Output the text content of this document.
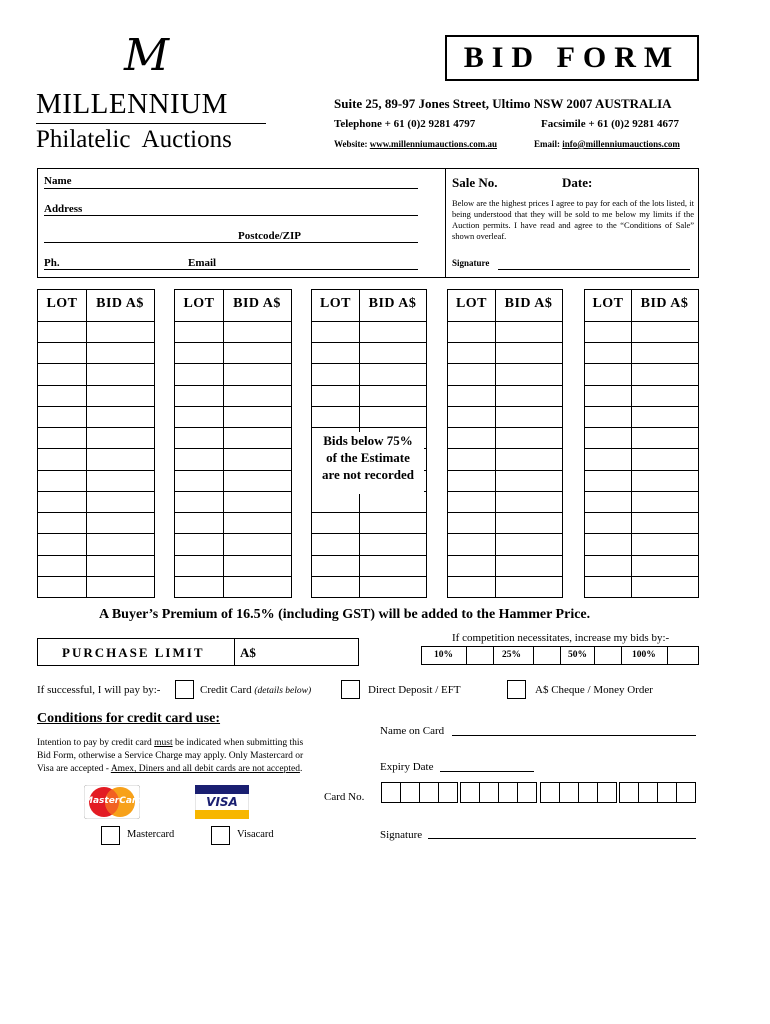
M
MILLENNIUM
Philatelic  Auctions
BID FORM
Suite 25, 89-97 Jones Street, Ultimo NSW 2007 AUSTRALIA
Telephone + 61 (0)2 9281 4797	Facsimile + 61 (0)2 9281 4677
Website: www.millenniumauctions.com.au	Email: info@millenniumauctions.com
Name
Address
Postcode/ZIP
Ph.	Email
Sale No.	Date:
Below are the highest prices I agree to pay for each of the lots listed, it being understood that they will be sold to me below my limits if the Auction permits. I have read and agree to the “Conditions of Sale” shown overleaf.
Signature
LOT	BID A$	LOT	BID A$	LOT	BID A$	LOT	BID A$	LOT	BID A$
Bids below 75%
of the Estimate
are not recorded
A Buyer’s Premium of 16.5% (including GST) will be added to the Hammer Price.
PURCHASE LIMIT	A$
If competition necessitates, increase my bids by:-
10%	25%	50%	100%
If successful, I will pay by:-	Credit Card (details below)	Direct Deposit / EFT	A$ Cheque / Money Order
Conditions for credit card use:
Intention to pay by credit card must be indicated when submitting this
Bid Form, otherwise a Service Charge may apply. Only Mastercard or
Visa are accepted - Amex, Diners and all debit cards are not accepted.
MasterCard	VISA
Mastercard	Visacard
Name on Card
Expiry Date
Card No.
Signature
